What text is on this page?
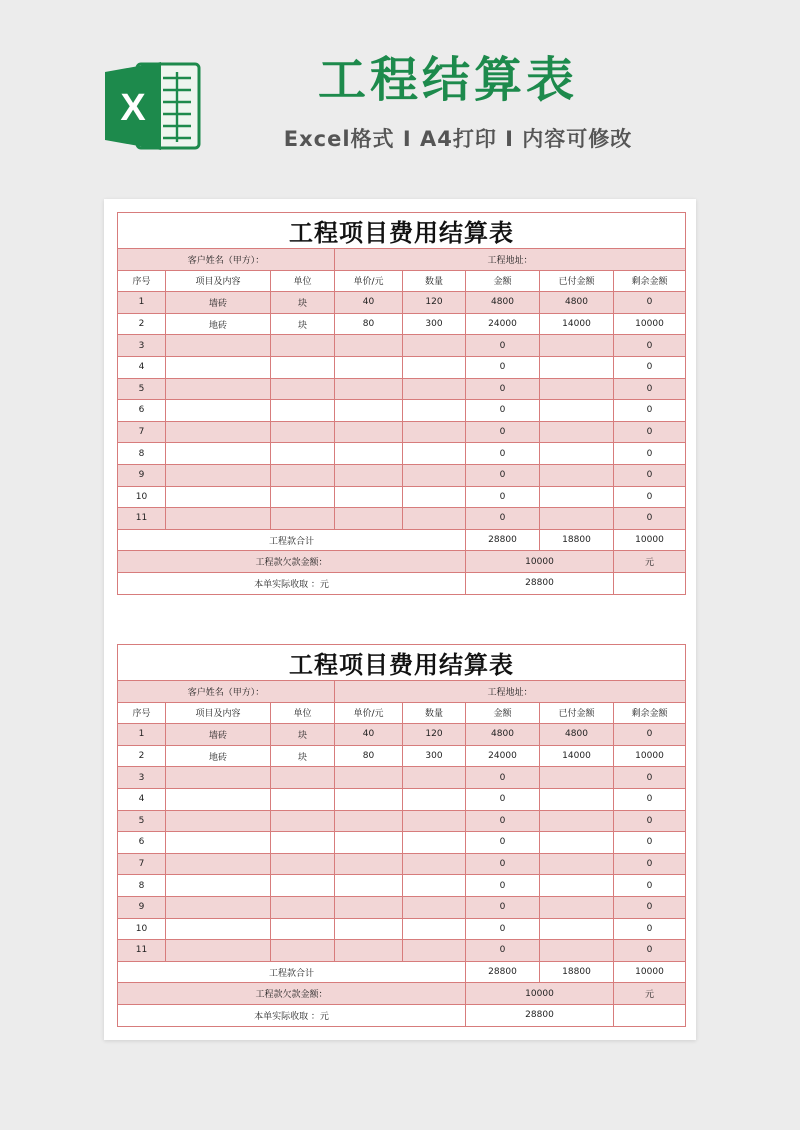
X	工程结算表
Excel格式 I A4打印 I 内容可修改
工程项目费用结算表							
客户姓名（甲方）：			工程地址：				
序号	项目及内容	单位	单价/元	数量	金额	已付金额	剩余金额
1	墙砖	块	40	120	4800	4800	0
2	地砖	块	80	300	24000	14000	10000
3					0		0
4					0		0
5					0		0
6					0		0
7					0		0
8					0		0
9					0		0
10					0		0
11					0		0
工程款合计					28800	18800	10000
工程款欠款金额：					10000		元
本单实际收取 ：元					28800		
工程项目费用结算表							
客户姓名（甲方）：			工程地址：				
序号	项目及内容	单位	单价/元	数量	金额	已付金额	剩余金额
1	墙砖	块	40	120	4800	4800	0
2	地砖	块	80	300	24000	14000	10000
3					0		0
4					0		0
5					0		0
6					0		0
7					0		0
8					0		0
9					0		0
10					0		0
11					0		0
工程款合计					28800	18800	10000
工程款欠款金额：					10000		元
本单实际收取 ：元					28800		
